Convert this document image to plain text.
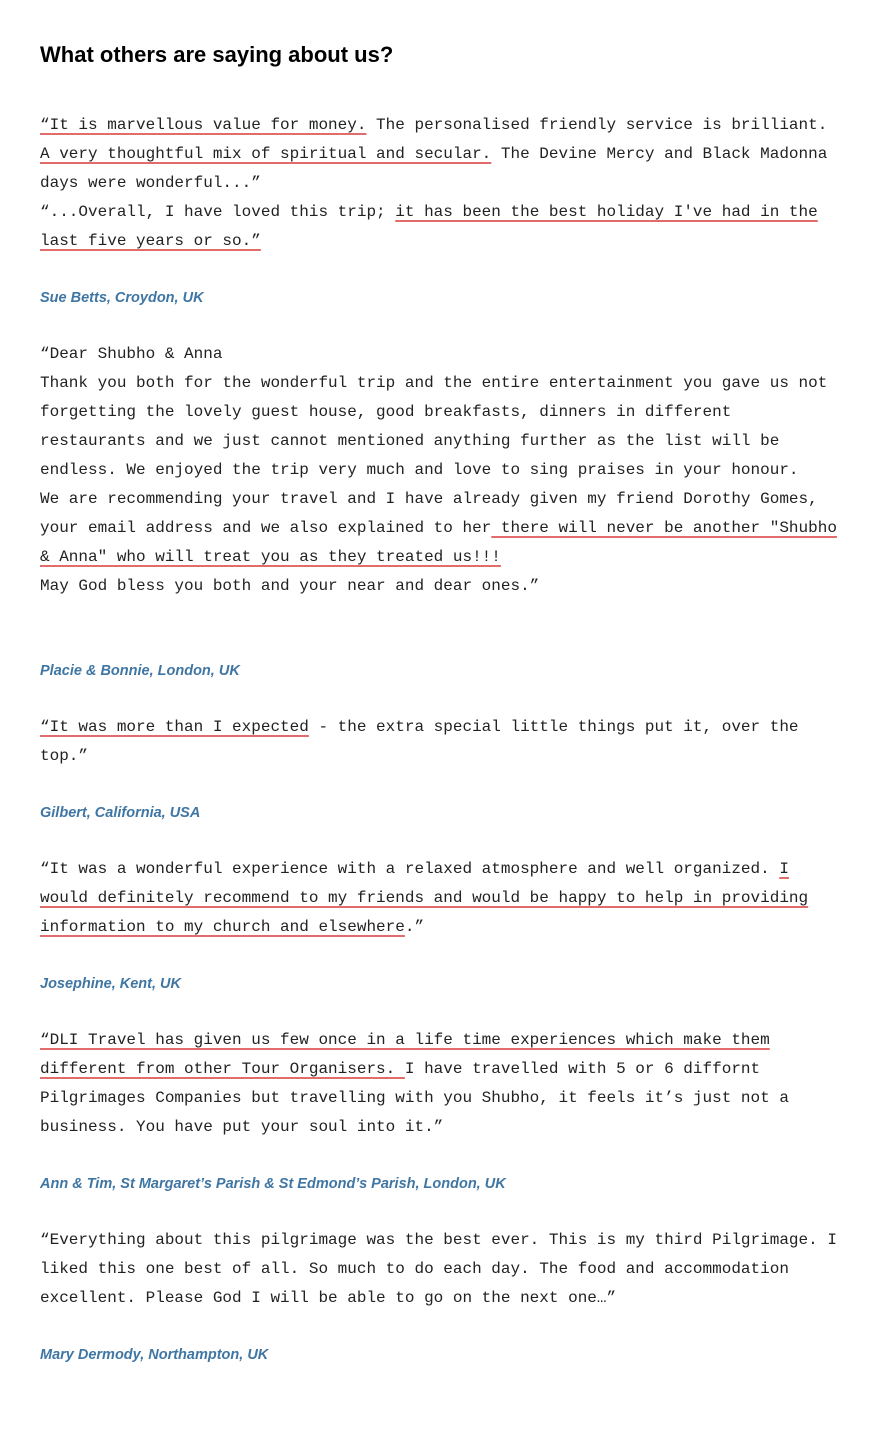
What others are saying about us?

“It is marvellous value for money. The personalised friendly service is brilliant. A very thoughtful mix of spiritual and secular. The Devine Mercy and Black Madonna days were wonderful...”

“...Overall, I have loved this trip; it has been the best holiday I've had in the last five years or so.”

Sue Betts, Croydon, UK

“Dear Shubho & Anna

Thank you both for the wonderful trip and the entire entertainment you gave us not forgetting the lovely guest house, good breakfasts, dinners in different restaurants and we just cannot mentioned anything further as the list will be endless. We enjoyed the trip very much and love to sing praises in your honour.

We are recommending your travel and I have already given my friend Dorothy Gomes, your email address and we also explained to her there will never be another "Shubho & Anna" who will treat you as they treated us!!!

May God bless you both and your near and dear ones.”

Placie & Bonnie, London, UK

“It was more than I expected - the extra special little things put it, over the top.”

Gilbert, California, USA

“It was a wonderful experience with a relaxed atmosphere and well organized. I would definitely recommend to my friends and would be happy to help in providing information to my church and elsewhere.”

Josephine, Kent, UK

“DLI Travel has given us few once in a life time experiences which make them different from other Tour Organisers. I have travelled with 5 or 6 diffornt Pilgrimages Companies but travelling with you Shubho, it feels it’s just not a business. You have put your soul into it.”

Ann & Tim, St Margaret’s Parish & St Edmond’s Parish, London, UK

“Everything about this pilgrimage was the best ever. This is my third Pilgrimage. I liked this one best of all. So much to do each day. The food and accommodation excellent. Please God I will be able to go on the next one…”

Mary Dermody, Northampton, UK
